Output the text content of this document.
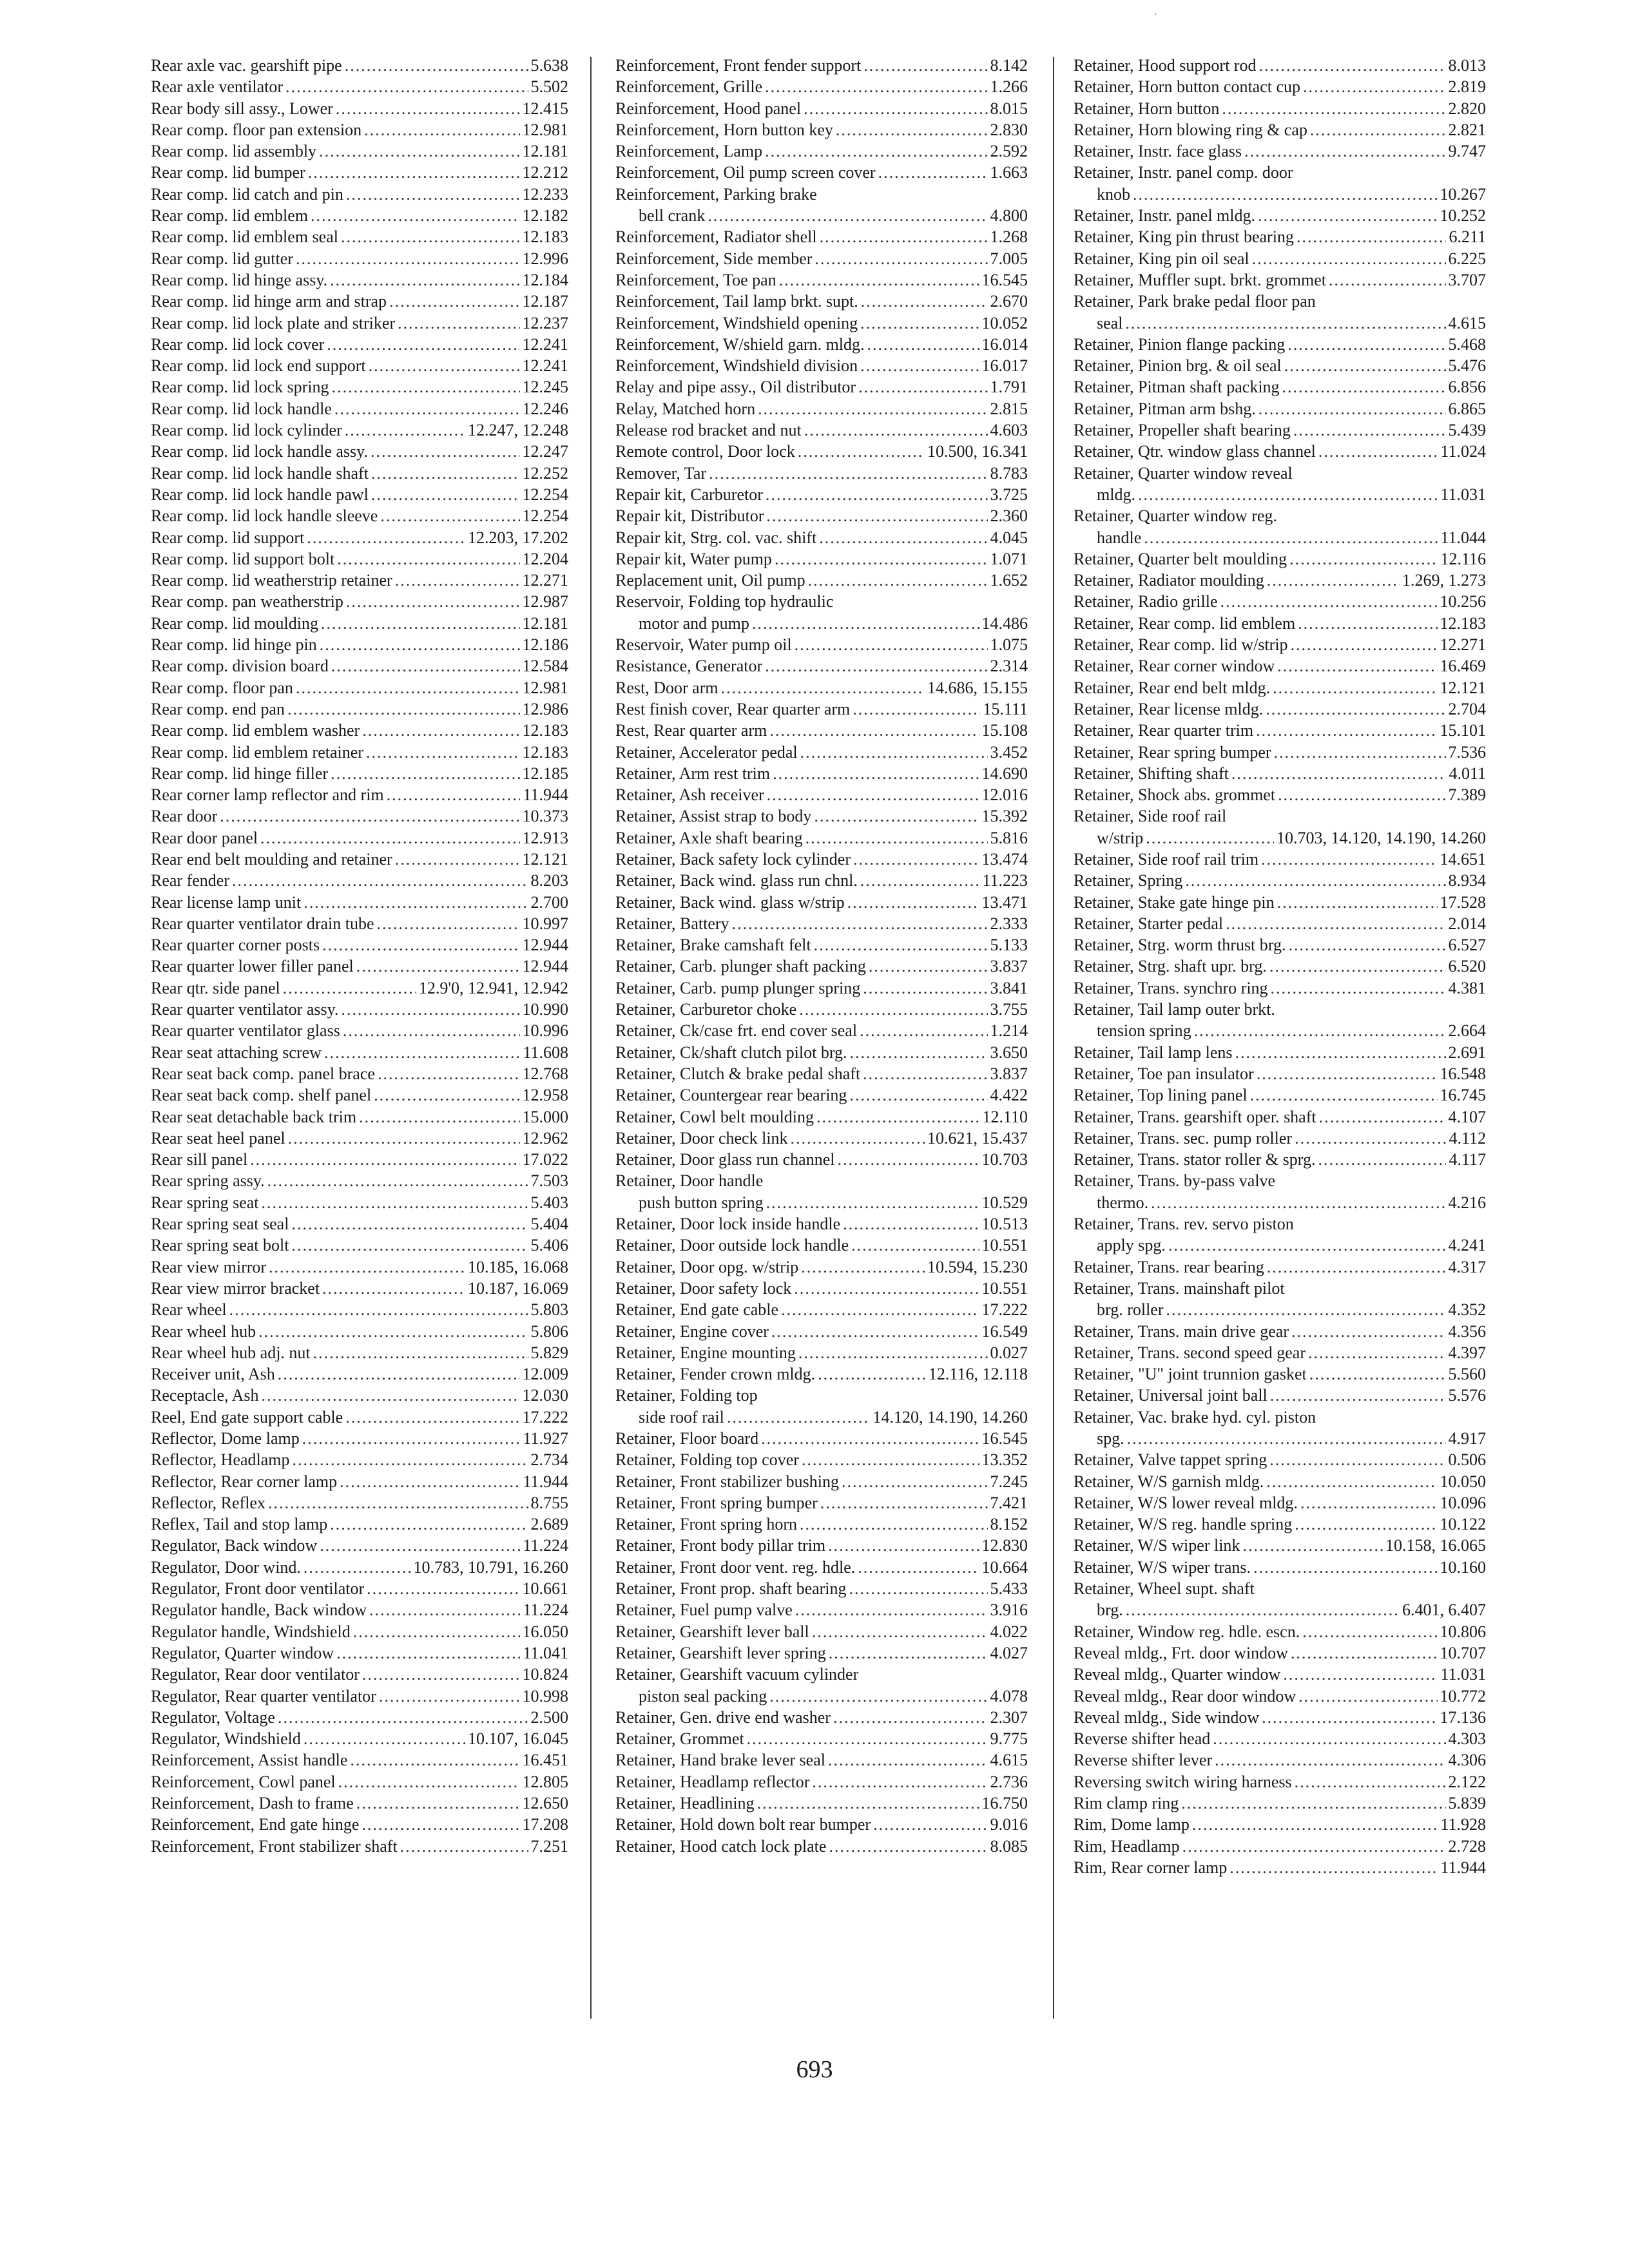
·
Rear axle vac. gearshift pipe .....	5.638
Rear axle ventilator .....	5.502
Rear body sill assy., Lower .....	12.415
Rear comp. floor pan extension .....	12.981
Rear comp. lid assembly .....	12.181
Rear comp. lid bumper .....	12.212
Rear comp. lid catch and pin .....	12.233
Rear comp. lid emblem .....	12.182
Rear comp. lid emblem seal .....	12.183
Rear comp. lid gutter .....	12.996
Rear comp. lid hinge assy. .....	12.184
Rear comp. lid hinge arm and strap .....	12.187
Rear comp. lid lock plate and striker .....	12.237
Rear comp. lid lock cover .....	12.241
Rear comp. lid lock end support .....	12.241
Rear comp. lid lock spring .....	12.245
Rear comp. lid lock handle .....	12.246
Rear comp. lid lock cylinder .....	12.247, 12.248
Rear comp. lid lock handle assy. .....	12.247
Rear comp. lid lock handle shaft .....	12.252
Rear comp. lid lock handle pawl .....	12.254
Rear comp. lid lock handle sleeve .....	12.254
Rear comp. lid support .....	12.203, 17.202
Rear comp. lid support bolt .....	12.204
Rear comp. lid weatherstrip retainer .....	12.271
Rear comp. pan weatherstrip .....	12.987
Rear comp. lid moulding .....	12.181
Rear comp. lid hinge pin .....	12.186
Rear comp. division board .....	12.584
Rear comp. floor pan .....	12.981
Rear comp. end pan .....	12.986
Rear comp. lid emblem washer .....	12.183
Rear comp. lid emblem retainer .....	12.183
Rear comp. lid hinge filler .....	12.185
Rear corner lamp reflector and rim .....	11.944
Rear door .....	10.373
Rear door panel .....	12.913
Rear end belt moulding and retainer .....	12.121
Rear fender .....	8.203
Rear license lamp unit .....	2.700
Rear quarter ventilator drain tube .....	10.997
Rear quarter corner posts .....	12.944
Rear quarter lower filler panel .....	12.944
Rear qtr. side panel .....	12.9'0, 12.941, 12.942
Rear quarter ventilator assy. .....	10.990
Rear quarter ventilator glass .....	10.996
Rear seat attaching screw .....	11.608
Rear seat back comp. panel brace .....	12.768
Rear seat back comp. shelf panel .....	12.958
Rear seat detachable back trim .....	15.000
Rear seat heel panel .....	12.962
Rear sill panel .....	17.022
Rear spring assy. .....	7.503
Rear spring seat .....	5.403
Rear spring seat seal .....	5.404
Rear spring seat bolt .....	5.406
Rear view mirror .....	10.185, 16.068
Rear view mirror bracket .....	10.187, 16.069
Rear wheel .....	5.803
Rear wheel hub .....	5.806
Rear wheel hub adj. nut .....	5.829
Receiver unit, Ash .....	12.009
Receptacle, Ash .....	12.030
Reel, End gate support cable .....	17.222
Reflector, Dome lamp .....	11.927
Reflector, Headlamp .....	2.734
Reflector, Rear corner lamp .....	11.944
Reflector, Reflex .....	8.755
Reflex, Tail and stop lamp .....	2.689
Regulator, Back window .....	11.224
Regulator, Door wind. .....	10.783, 10.791, 16.260
Regulator, Front door ventilator .....	10.661
Regulator handle, Back window .....	11.224
Regulator handle, Windshield .....	16.050
Regulator, Quarter window .....	11.041
Regulator, Rear door ventilator .....	10.824
Regulator, Rear quarter ventilator .....	10.998
Regulator, Voltage .....	2.500
Regulator, Windshield .....	10.107, 16.045
Reinforcement, Assist handle .....	16.451
Reinforcement, Cowl panel .....	12.805
Reinforcement, Dash to frame .....	12.650
Reinforcement, End gate hinge .....	17.208
Reinforcement, Front stabilizer shaft .....	7.251
Reinforcement, Front fender support .....	8.142
Reinforcement, Grille .....	1.266
Reinforcement, Hood panel .....	8.015
Reinforcement, Horn button key .....	2.830
Reinforcement, Lamp .....	2.592
Reinforcement, Oil pump screen cover .....	1.663
Reinforcement, Parking brake
bell crank .....	4.800
Reinforcement, Radiator shell .....	1.268
Reinforcement, Side member .....	7.005
Reinforcement, Toe pan .....	16.545
Reinforcement, Tail lamp brkt. supt. .....	2.670
Reinforcement, Windshield opening .....	10.052
Reinforcement, W/shield garn. mldg. .....	16.014
Reinforcement, Windshield division .....	16.017
Relay and pipe assy., Oil distributor .....	1.791
Relay, Matched horn .....	2.815
Release rod bracket and nut .....	4.603
Remote control, Door lock .....	10.500, 16.341
Remover, Tar .....	8.783
Repair kit, Carburetor .....	3.725
Repair kit, Distributor .....	2.360
Repair kit, Strg. col. vac. shift .....	4.045
Repair kit, Water pump .....	1.071
Replacement unit, Oil pump .....	1.652
Reservoir, Folding top hydraulic
motor and pump .....	14.486
Reservoir, Water pump oil .....	1.075
Resistance, Generator .....	2.314
Rest, Door arm .....	14.686, 15.155
Rest finish cover, Rear quarter arm .....	15.111
Rest, Rear quarter arm .....	15.108
Retainer, Accelerator pedal .....	3.452
Retainer, Arm rest trim .....	14.690
Retainer, Ash receiver .....	12.016
Retainer, Assist strap to body .....	15.392
Retainer, Axle shaft bearing .....	5.816
Retainer, Back safety lock cylinder .....	13.474
Retainer, Back wind. glass run chnl. .....	11.223
Retainer, Back wind. glass w/strip .....	13.471
Retainer, Battery .....	2.333
Retainer, Brake camshaft felt .....	5.133
Retainer, Carb. plunger shaft packing .....	3.837
Retainer, Carb. pump plunger spring .....	3.841
Retainer, Carburetor choke .....	3.755
Retainer, Ck/case frt. end cover seal .....	1.214
Retainer, Ck/shaft clutch pilot brg. .....	3.650
Retainer, Clutch & brake pedal shaft .....	3.837
Retainer, Countergear rear bearing .....	4.422
Retainer, Cowl belt moulding .....	12.110
Retainer, Door check link .....	10.621, 15.437
Retainer, Door glass run channel .....	10.703
Retainer, Door handle
push button spring .....	10.529
Retainer, Door lock inside handle .....	10.513
Retainer, Door outside lock handle .....	10.551
Retainer, Door opg. w/strip .....	10.594, 15.230
Retainer, Door safety lock .....	10.551
Retainer, End gate cable .....	17.222
Retainer, Engine cover .....	16.549
Retainer, Engine mounting .....	0.027
Retainer, Fender crown mldg. .....	12.116, 12.118
Retainer, Folding top
side roof rail .....	14.120, 14.190, 14.260
Retainer, Floor board .....	16.545
Retainer, Folding top cover .....	13.352
Retainer, Front stabilizer bushing .....	7.245
Retainer, Front spring bumper .....	7.421
Retainer, Front spring horn .....	8.152
Retainer, Front body pillar trim .....	12.830
Retainer, Front door vent. reg. hdle. .....	10.664
Retainer, Front prop. shaft bearing .....	5.433
Retainer, Fuel pump valve .....	3.916
Retainer, Gearshift lever ball .....	4.022
Retainer, Gearshift lever spring .....	4.027
Retainer, Gearshift vacuum cylinder
piston seal packing .....	4.078
Retainer, Gen. drive end washer .....	2.307
Retainer, Grommet .....	9.775
Retainer, Hand brake lever seal .....	4.615
Retainer, Headlamp reflector .....	2.736
Retainer, Headlining .....	16.750
Retainer, Hold down bolt rear bumper .....	9.016
Retainer, Hood catch lock plate .....	8.085
Retainer, Hood support rod .....	8.013
Retainer, Horn button contact cup .....	2.819
Retainer, Horn button .....	2.820
Retainer, Horn blowing ring & cap .....	2.821
Retainer, Instr. face glass .....	9.747
Retainer, Instr. panel comp. door
knob .....	10.267
Retainer, Instr. panel mldg. .....	10.252
Retainer, King pin thrust bearing .....	6.211
Retainer, King pin oil seal .....	6.225
Retainer, Muffler supt. brkt. grommet .....	3.707
Retainer, Park brake pedal floor pan
seal .....	4.615
Retainer, Pinion flange packing .....	5.468
Retainer, Pinion brg. & oil seal .....	5.476
Retainer, Pitman shaft packing .....	6.856
Retainer, Pitman arm bshg. .....	6.865
Retainer, Propeller shaft bearing .....	5.439
Retainer, Qtr. window glass channel .....	11.024
Retainer, Quarter window reveal
mldg. .....	11.031
Retainer, Quarter window reg.
handle .....	11.044
Retainer, Quarter belt moulding .....	12.116
Retainer, Radiator moulding .....	1.269, 1.273
Retainer, Radio grille .....	10.256
Retainer, Rear comp. lid emblem .....	12.183
Retainer, Rear comp. lid w/strip .....	12.271
Retainer, Rear corner window .....	16.469
Retainer, Rear end belt mldg. .....	12.121
Retainer, Rear license mldg. .....	2.704
Retainer, Rear quarter trim .....	15.101
Retainer, Rear spring bumper .....	7.536
Retainer, Shifting shaft .....	4.011
Retainer, Shock abs. grommet .....	7.389
Retainer, Side roof rail
w/strip .....	10.703, 14.120, 14.190, 14.260
Retainer, Side roof rail trim .....	14.651
Retainer, Spring .....	8.934
Retainer, Stake gate hinge pin .....	17.528
Retainer, Starter pedal .....	2.014
Retainer, Strg. worm thrust brg. .....	6.527
Retainer, Strg. shaft upr. brg. .....	6.520
Retainer, Trans. synchro ring .....	4.381
Retainer, Tail lamp outer brkt.
tension spring .....	2.664
Retainer, Tail lamp lens .....	2.691
Retainer, Toe pan insulator .....	16.548
Retainer, Top lining panel .....	16.745
Retainer, Trans. gearshift oper. shaft .....	4.107
Retainer, Trans. sec. pump roller .....	4.112
Retainer, Trans. stator roller & sprg. .....	4.117
Retainer, Trans. by-pass valve
thermo. .....	4.216
Retainer, Trans. rev. servo piston
apply spg. .....	4.241
Retainer, Trans. rear bearing .....	4.317
Retainer, Trans. mainshaft pilot
brg. roller .....	4.352
Retainer, Trans. main drive gear .....	4.356
Retainer, Trans. second speed gear .....	4.397
Retainer, "U" joint trunnion gasket .....	5.560
Retainer, Universal joint ball .....	5.576
Retainer, Vac. brake hyd. cyl. piston
spg. .....	4.917
Retainer, Valve tappet spring .....	0.506
Retainer, W/S garnish mldg. .....	10.050
Retainer, W/S lower reveal mldg. .....	10.096
Retainer, W/S reg. handle spring .....	10.122
Retainer, W/S wiper link .....	10.158, 16.065
Retainer, W/S wiper trans. .....	10.160
Retainer, Wheel supt. shaft
brg. .....	6.401, 6.407
Retainer, Window reg. hdle. escn. .....	10.806
Reveal mldg., Frt. door window .....	10.707
Reveal mldg., Quarter window .....	11.031
Reveal mldg., Rear door window .....	10.772
Reveal mldg., Side window .....	17.136
Reverse shifter head .....	4.303
Reverse shifter lever .....	4.306
Reversing switch wiring harness .....	2.122
Rim clamp ring .....	5.839
Rim, Dome lamp .....	11.928
Rim, Headlamp .....	2.728
Rim, Rear corner lamp .....	11.944
693
